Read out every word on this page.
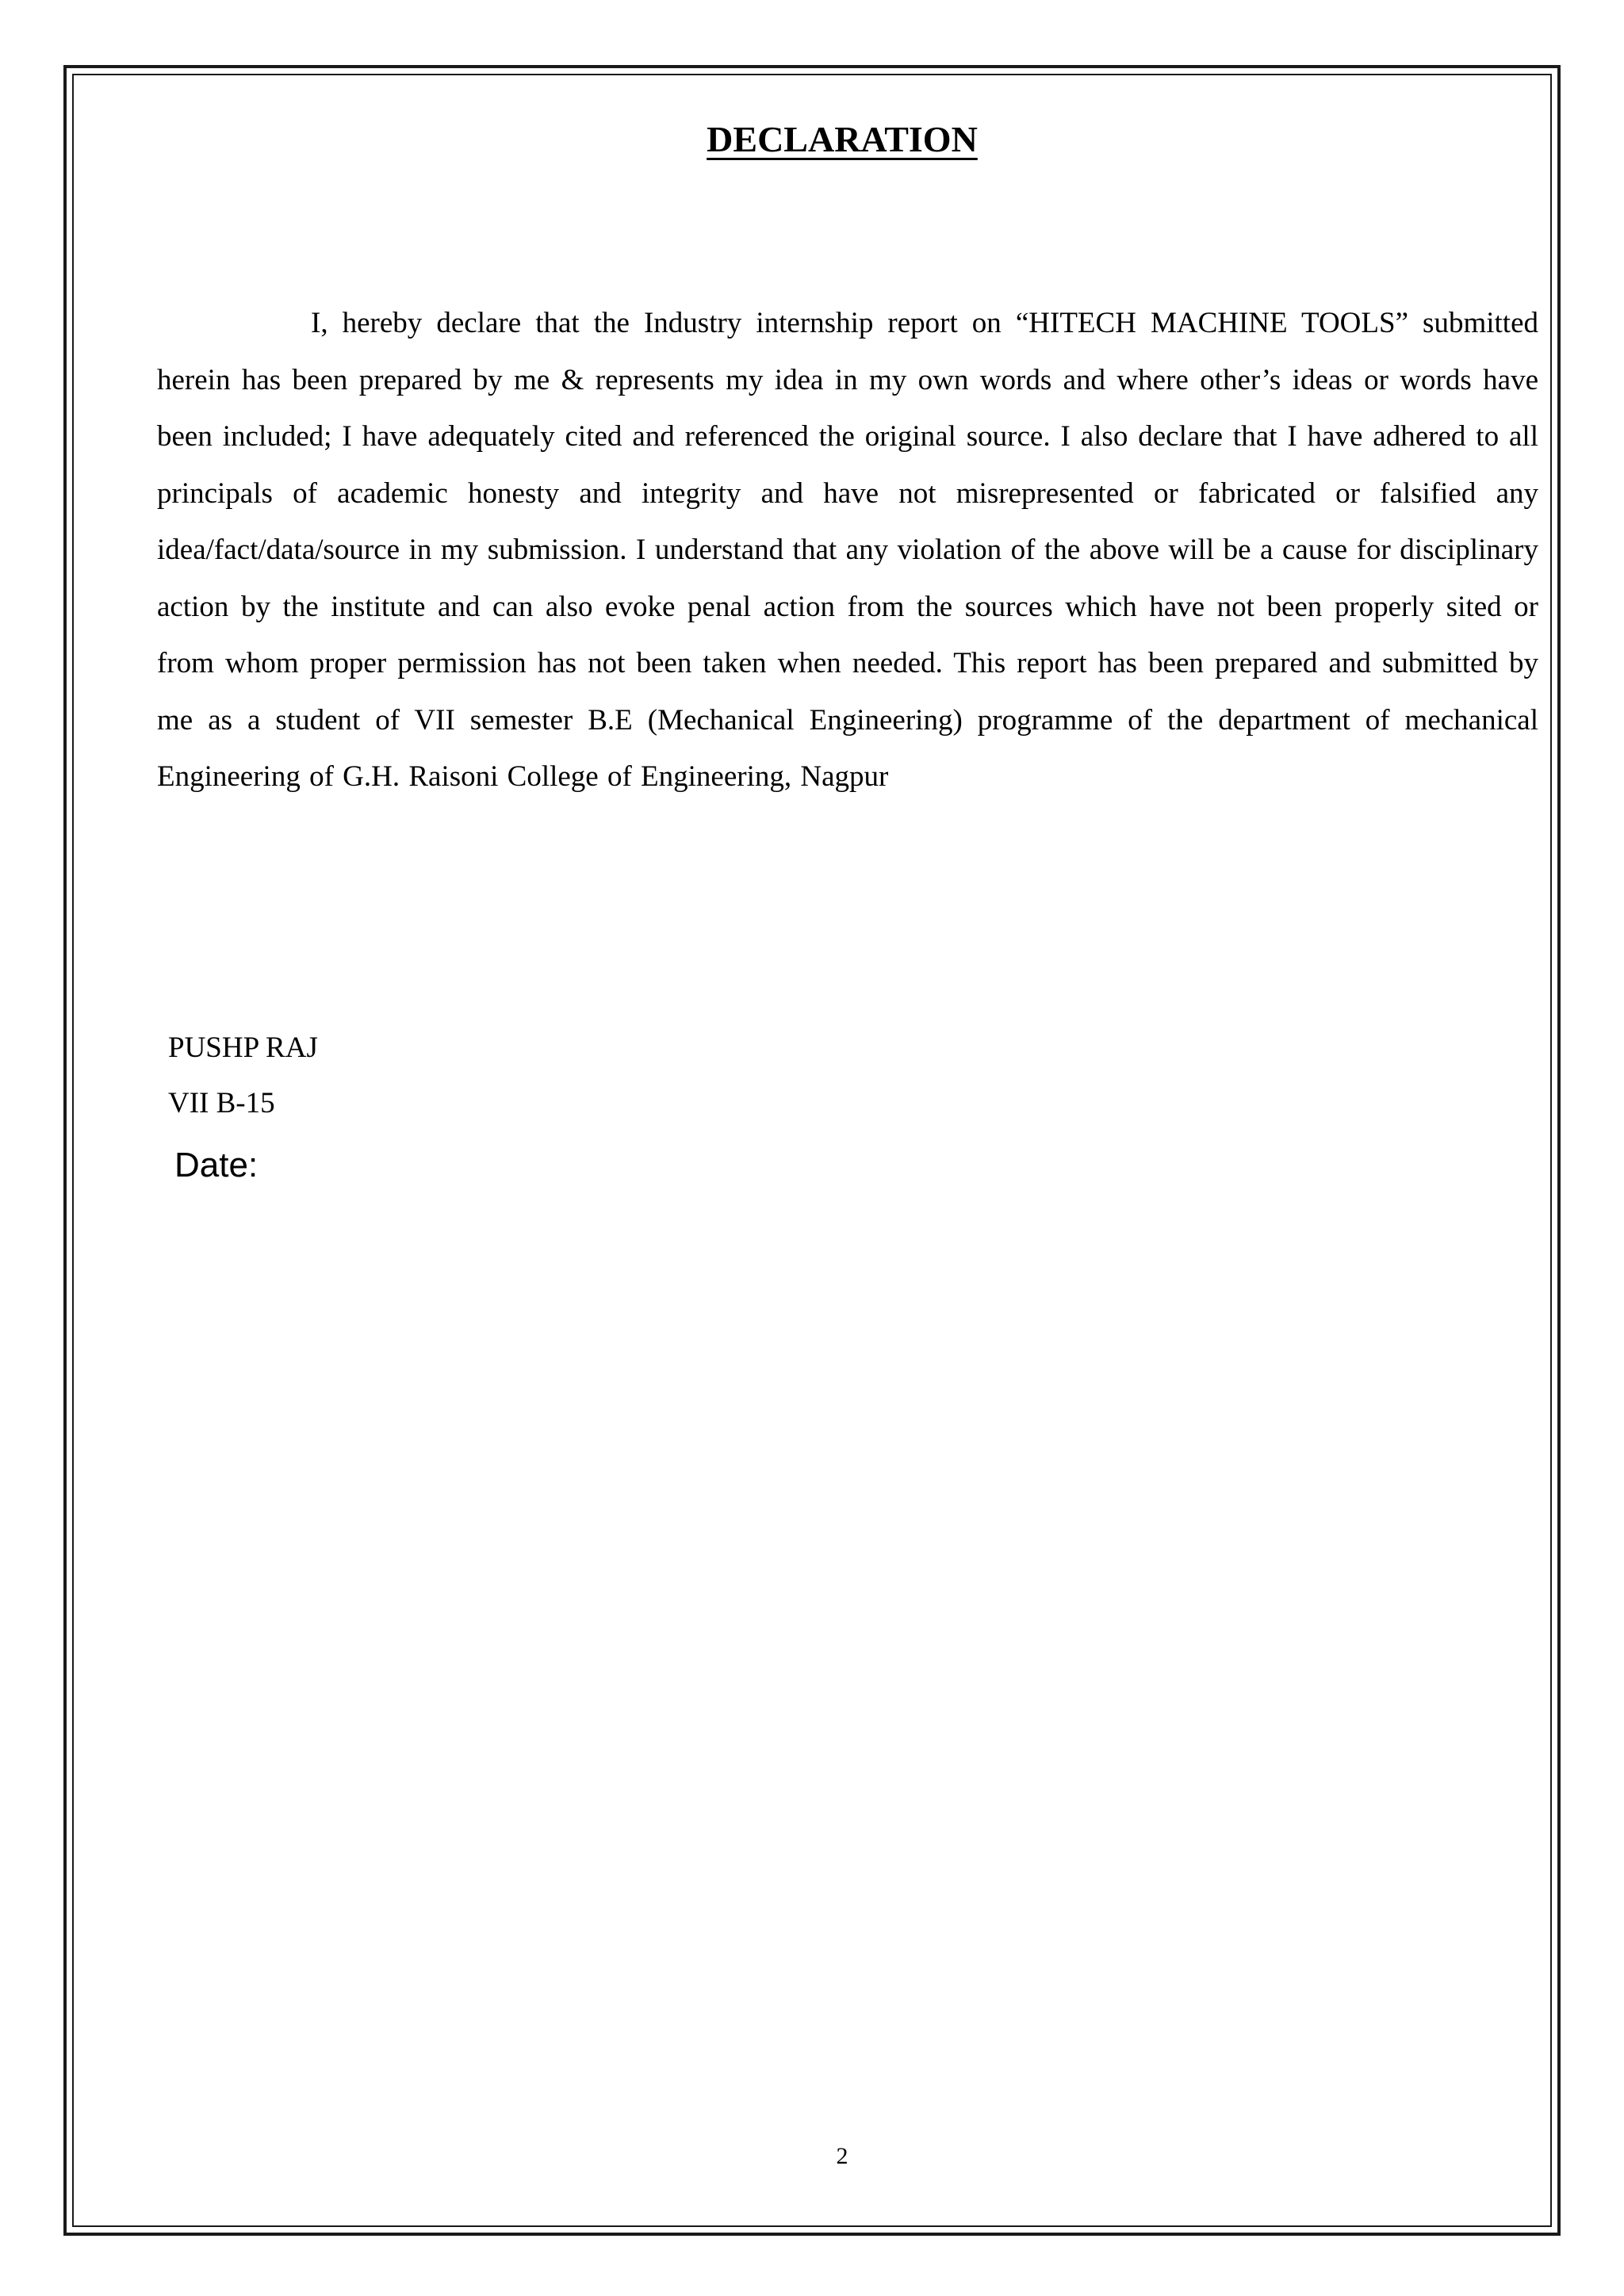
DECLARATION

I, hereby declare that the Industry internship report on “HITECH MACHINE TOOLS” submitted herein has been prepared by me & represents my idea in my own words and where other’s ideas or words have been included; I have adequately cited and referenced the original source. I also declare that I have adhered to all principals of academic honesty and integrity and have not misrepresented or fabricated or falsified any idea/fact/data/source in my submission. I understand that any violation of the above will be a cause for disciplinary action by the institute and can also evoke penal action from the sources which have not been properly sited or from whom proper permission has not been taken when needed. This report has been prepared and submitted by me as a student of VII semester B.E (Mechanical Engineering) programme of the department of mechanical Engineering of G.H. Raisoni College of Engineering, Nagpur

PUSHP RAJ

VII B-15

Date:

2
